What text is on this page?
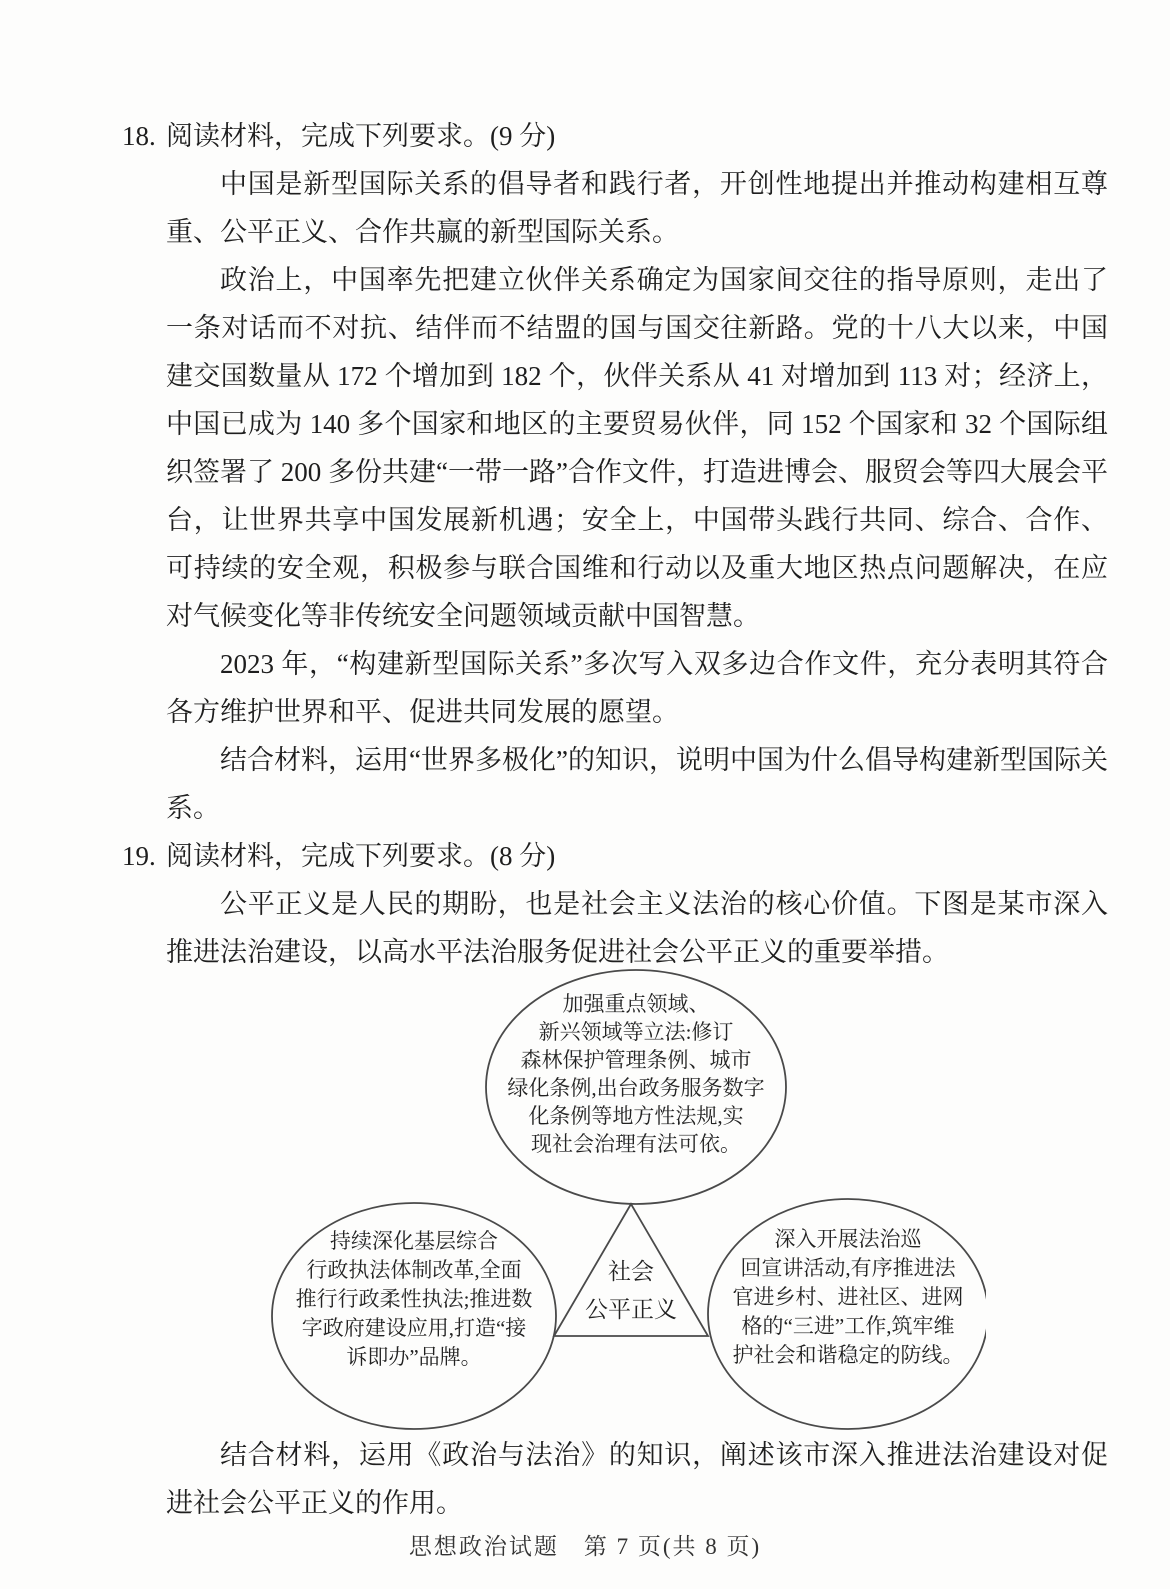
18. 阅读材料，完成下列要求。(9 分)

中国是新型国际关系的倡导者和践行者，开创性地提出并推动构建相互尊重、公平正义、合作共赢的新型国际关系。

政治上，中国率先把建立伙伴关系确定为国家间交往的指导原则，走出了一条对话而不对抗、结伴而不结盟的国与国交往新路。党的十八大以来，中国建交国数量从 172 个增加到 182 个，伙伴关系从 41 对增加到 113 对；经济上，中国已成为 140 多个国家和地区的主要贸易伙伴，同 152 个国家和 32 个国际组织签署了 200 多份共建“一带一路”合作文件，打造进博会、服贸会等四大展会平台，让世界共享中国发展新机遇；安全上，中国带头践行共同、综合、合作、可持续的安全观，积极参与联合国维和行动以及重大地区热点问题解决，在应对气候变化等非传统安全问题领域贡献中国智慧。

2023 年，“构建新型国际关系”多次写入双多边合作文件，充分表明其符合各方维护世界和平、促进共同发展的愿望。

结合材料，运用“世界多极化”的知识，说明中国为什么倡导构建新型国际关系。

19. 阅读材料，完成下列要求。(8 分)

公平正义是人民的期盼，也是社会主义法治的核心价值。下图是某市深入推进法治建设，以高水平法治服务促进社会公平正义的重要举措。

加强重点领域、
新兴领域等立法:修订
森林保护管理条例、城市
绿化条例,出台政务服务数字
化条例等地方性法规,实
现社会治理有法可依。
持续深化基层综合
行政执法体制改革,全面
推行行政柔性执法;推进数
字政府建设应用,打造“接
诉即办”品牌。
深入开展法治巡
回宣讲活动,有序推进法
官进乡村、进社区、进网
格的“三进”工作,筑牢维
护社会和谐稳定的防线。
社会
公平正义

结合材料，运用《政治与法治》的知识，阐述该市深入推进法治建设对促进社会公平正义的作用。

思想政治试题　第 7 页(共 8 页)
